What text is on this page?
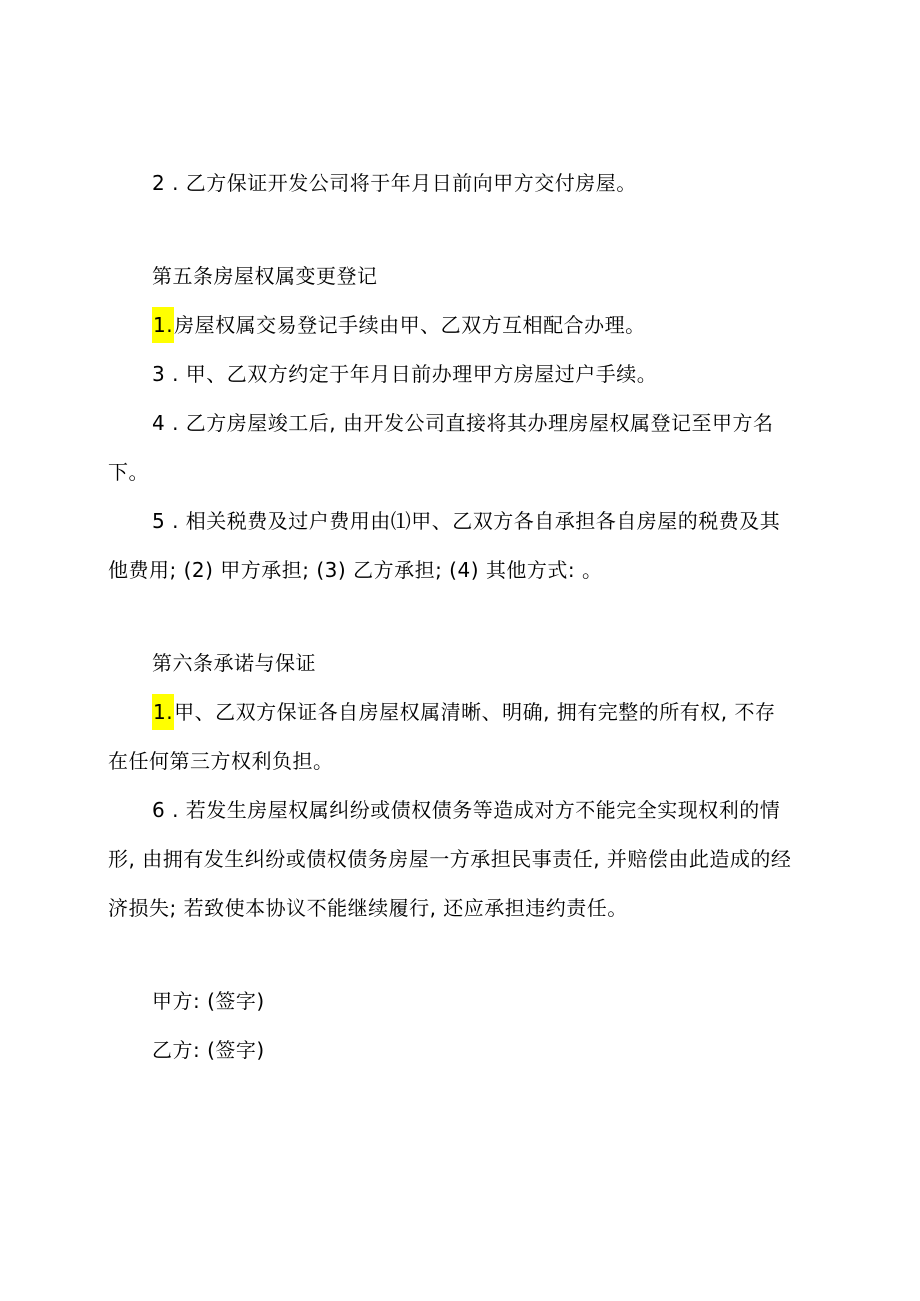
2 . 乙方保证开发公司将于年月日前向甲方交付房屋。
第五条房屋权属变更登记
1.房屋权属交易登记手续由甲、乙双方互相配合办理。
3 . 甲、乙双方约定于年月日前办理甲方房屋过户手续。
4 . 乙方房屋竣工后, 由开发公司直接将其办理房屋权属登记至甲方名
下。
5 . 相关税费及过户费用由⑴甲、乙双方各自承担各自房屋的税费及其
他费用; (2) 甲方承担; (3) 乙方承担; (4) 其他方式: 。
第六条承诺与保证
1.甲、乙双方保证各自房屋权属清晰、明确, 拥有完整的所有权, 不存
在任何第三方权利负担。
6 . 若发生房屋权属纠纷或债权债务等造成对方不能完全实现权利的情
形, 由拥有发生纠纷或债权债务房屋一方承担民事责任, 并赔偿由此造成的经
济损失; 若致使本协议不能继续履行, 还应承担违约责任。
甲方: (签字)
乙方: (签字)
